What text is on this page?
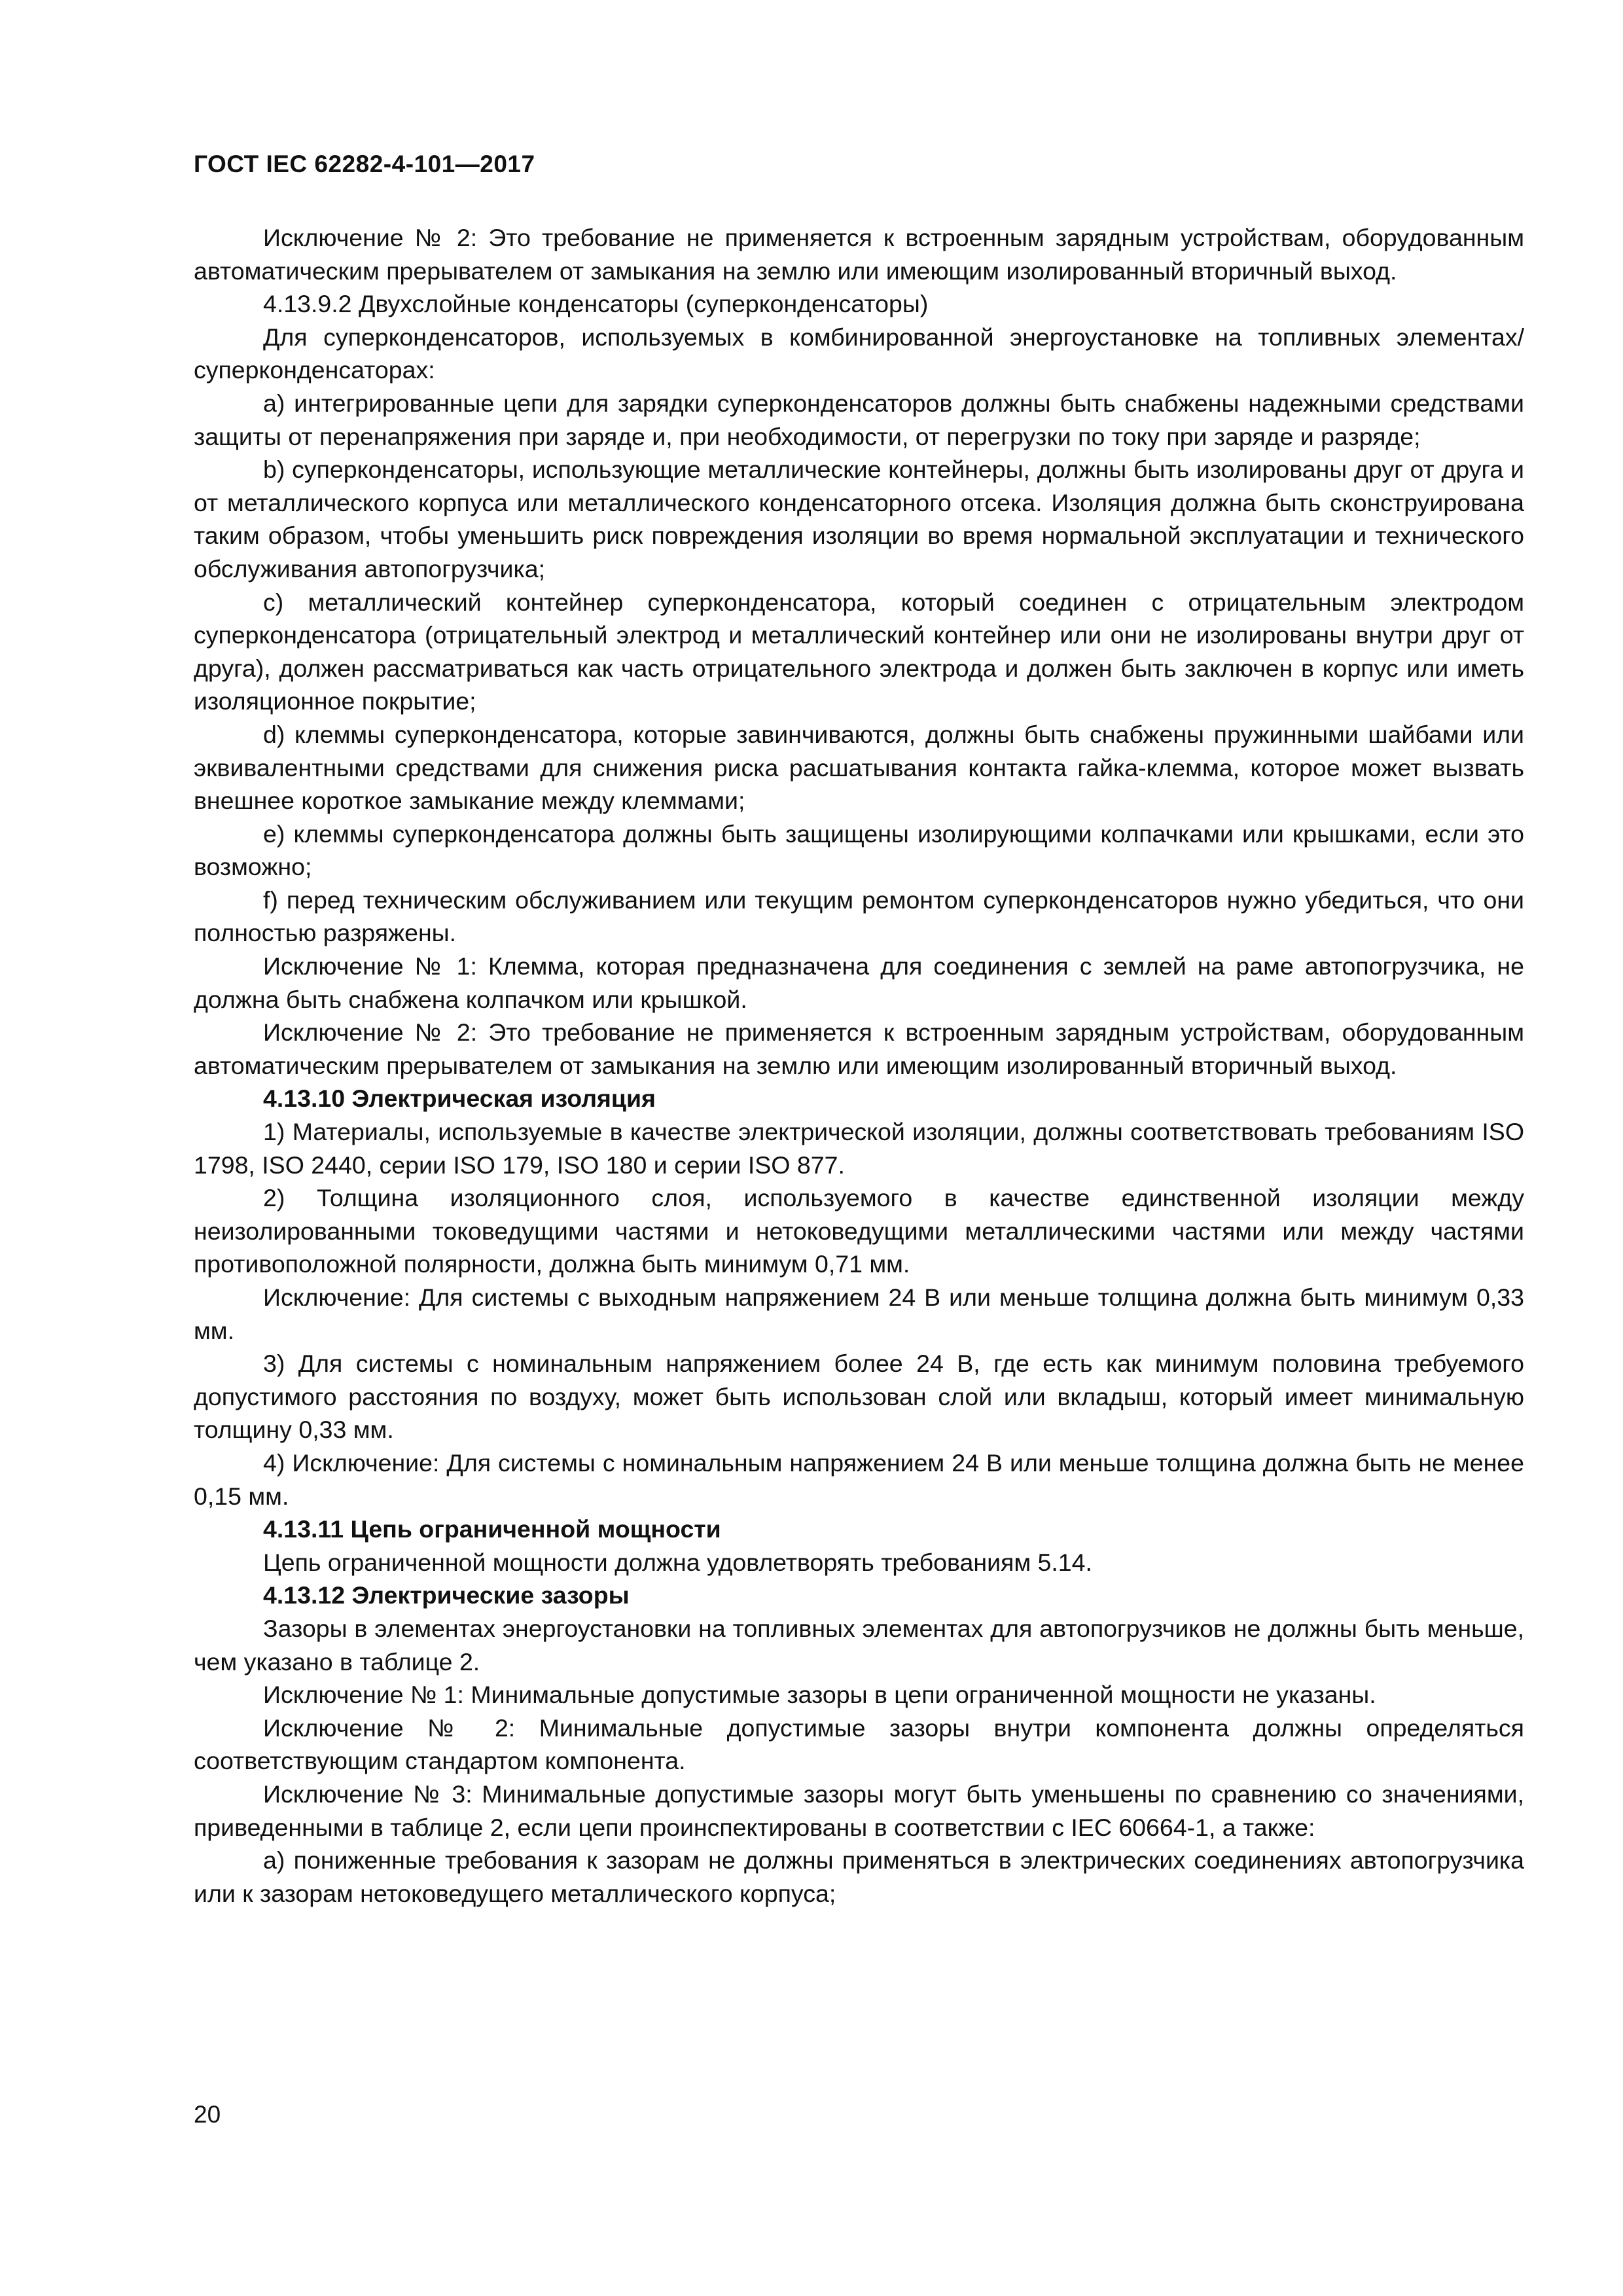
ГОСТ IEC 62282-4-101—2017

Исключение № 2: Это требование не применяется к встроенным зарядным устройствам, оборудованным автоматическим прерывателем от замыкания на землю или имеющим изолированный вторичный выход.

4.13.9.2 Двухслойные конденсаторы (суперконденсаторы)

Для суперконденсаторов, используемых в комбинированной энергоустановке на топливных элементах/суперконденсаторах:

a) интегрированные цепи для зарядки суперконденсаторов должны быть снабжены надежными средствами защиты от перенапряжения при заряде и, при необходимости, от перегрузки по току при заряде и разряде;

b) суперконденсаторы, использующие металлические контейнеры, должны быть изолированы друг от друга и от металлического корпуса или металлического конденсаторного отсека. Изоляция должна быть сконструирована таким образом, чтобы уменьшить риск повреждения изоляции во время нормальной эксплуатации и технического обслуживания автопогрузчика;

c) металлический контейнер суперконденсатора, который соединен с отрицательным электродом суперконденсатора (отрицательный электрод и металлический контейнер или они не изолированы внутри друг от друга), должен рассматриваться как часть отрицательного электрода и должен быть заключен в корпус или иметь изоляционное покрытие;

d) клеммы суперконденсатора, которые завинчиваются, должны быть снабжены пружинными шайбами или эквивалентными средствами для снижения риска расшатывания контакта гайка-клемма, которое может вызвать внешнее короткое замыкание между клеммами;

e) клеммы суперконденсатора должны быть защищены изолирующими колпачками или крышками, если это возможно;

f) перед техническим обслуживанием или текущим ремонтом суперконденсаторов нужно убедиться, что они полностью разряжены.

Исключение № 1: Клемма, которая предназначена для соединения с землей на раме автопогрузчика, не должна быть снабжена колпачком или крышкой.

Исключение № 2: Это требование не применяется к встроенным зарядным устройствам, оборудованным автоматическим прерывателем от замыкания на землю или имеющим изолированный вторичный выход.

4.13.10 Электрическая изоляция

1) Материалы, используемые в качестве электрической изоляции, должны соответствовать требованиям ISO 1798, ISO 2440, серии ISO 179, ISO 180 и серии ISO 877.

2) Толщина изоляционного слоя, используемого в качестве единственной изоляции между неизолированными токоведущими частями и нетоковедущими металлическими частями или между частями противоположной полярности, должна быть минимум 0,71 мм.

Исключение: Для системы с выходным напряжением 24 В или меньше толщина должна быть минимум 0,33 мм.

3) Для системы с номинальным напряжением более 24 В, где есть как минимум половина требуемого допустимого расстояния по воздуху, может быть использован слой или вкладыш, который имеет минимальную толщину 0,33 мм.

4) Исключение: Для системы с номинальным напряжением 24 В или меньше толщина должна быть не менее 0,15 мм.

4.13.11 Цепь ограниченной мощности

Цепь ограниченной мощности должна удовлетворять требованиям 5.14.

4.13.12 Электрические зазоры

Зазоры в элементах энергоустановки на топливных элементах для автопогрузчиков не должны быть меньше, чем указано в таблице 2.

Исключение № 1: Минимальные допустимые зазоры в цепи ограниченной мощности не указаны.

Исключение № 2: Минимальные допустимые зазоры внутри компонента должны определяться соответствующим стандартом компонента.

Исключение № 3: Минимальные допустимые зазоры могут быть уменьшены по сравнению со значениями, приведенными в таблице 2, если цепи проинспектированы в соответствии с IEC 60664-1, а также:

a) пониженные требования к зазорам не должны применяться в электрических соединениях автопогрузчика или к зазорам нетоковедущего металлического корпуса;

20
